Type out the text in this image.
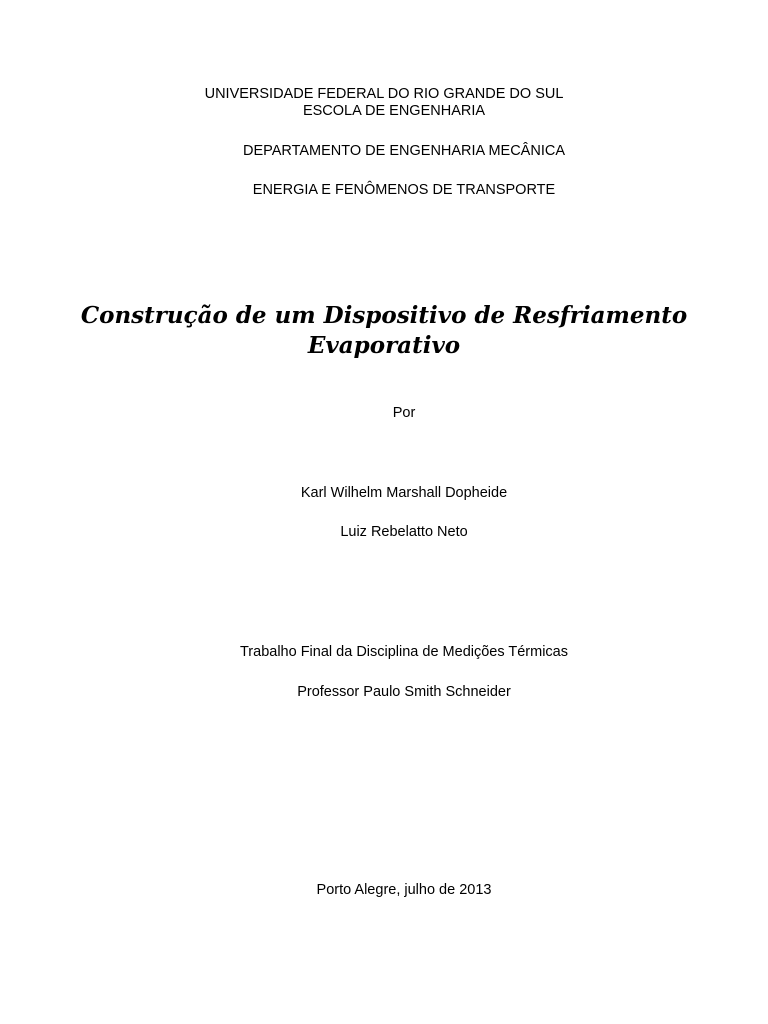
UNIVERSIDADE FEDERAL DO RIO GRANDE DO SUL
ESCOLA DE ENGENHARIA
DEPARTAMENTO DE ENGENHARIA MECÂNICA
ENERGIA E FENÔMENOS DE TRANSPORTE
Construção de um Dispositivo de Resfriamento
Evaporativo
Por
Karl Wilhelm Marshall Dopheide
Luiz Rebelatto Neto
Trabalho Final da Disciplina de Medições Térmicas
Professor Paulo Smith Schneider
Porto Alegre, julho de 2013
